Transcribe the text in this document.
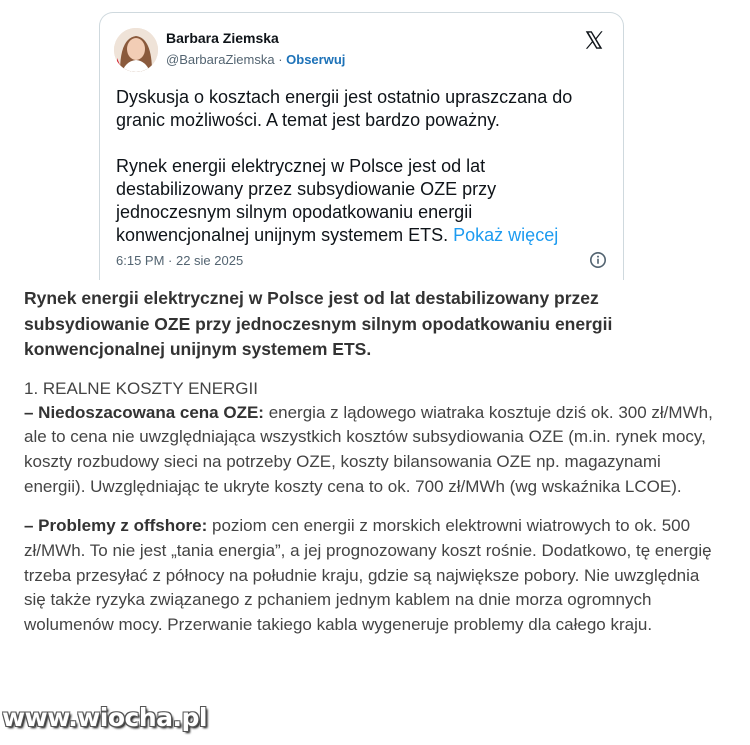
Barbara Ziemska
@BarbaraZiemska · Obserwuj

Dyskusja o kosztach energii jest ostatnio upraszczana do granic możliwości. A temat jest bardzo poważny.

Rynek energii elektrycznej w Polsce jest od lat destabilizowany przez subsydiowanie OZE przy jednoczesnym silnym opodatkowaniu energii konwencjonalnej unijnym systemem ETS. Pokaż więcej

6:15 PM · 22 sie 2025

Rynek energii elektrycznej w Polsce jest od lat destabilizowany przez subsydiowanie OZE przy jednoczesnym silnym opodatkowaniu energii konwencjonalnej unijnym systemem ETS.

1. REALNE KOSZTY ENERGII

– Niedoszacowana cena OZE: energia z lądowego wiatraka kosztuje dziś ok. 300 zł/MWh, ale to cena nie uwzględniająca wszystkich kosztów subsydiowania OZE (m.in. rynek mocy, koszty rozbudowy sieci na potrzeby OZE, koszty bilansowania OZE np. magazynami energii). Uwzględniając te ukryte koszty cena to ok. 700 zł/MWh (wg wskaźnika LCOE).

– Problemy z offshore: poziom cen energii z morskich elektrowni wiatrowych to ok. 500 zł/MWh. To nie jest „tania energia”, a jej prognozowany koszt rośnie. Dodatkowo, tę energię trzeba przesyłać z północy na południe kraju, gdzie są największe pobory. Nie uwzględnia się także ryzyka związanego z pchaniem jednym kablem na dnie morza ogromnych wolumenów mocy. Przerwanie takiego kabla wygeneruje problemy dla całego kraju.

www.wiocha.pl
